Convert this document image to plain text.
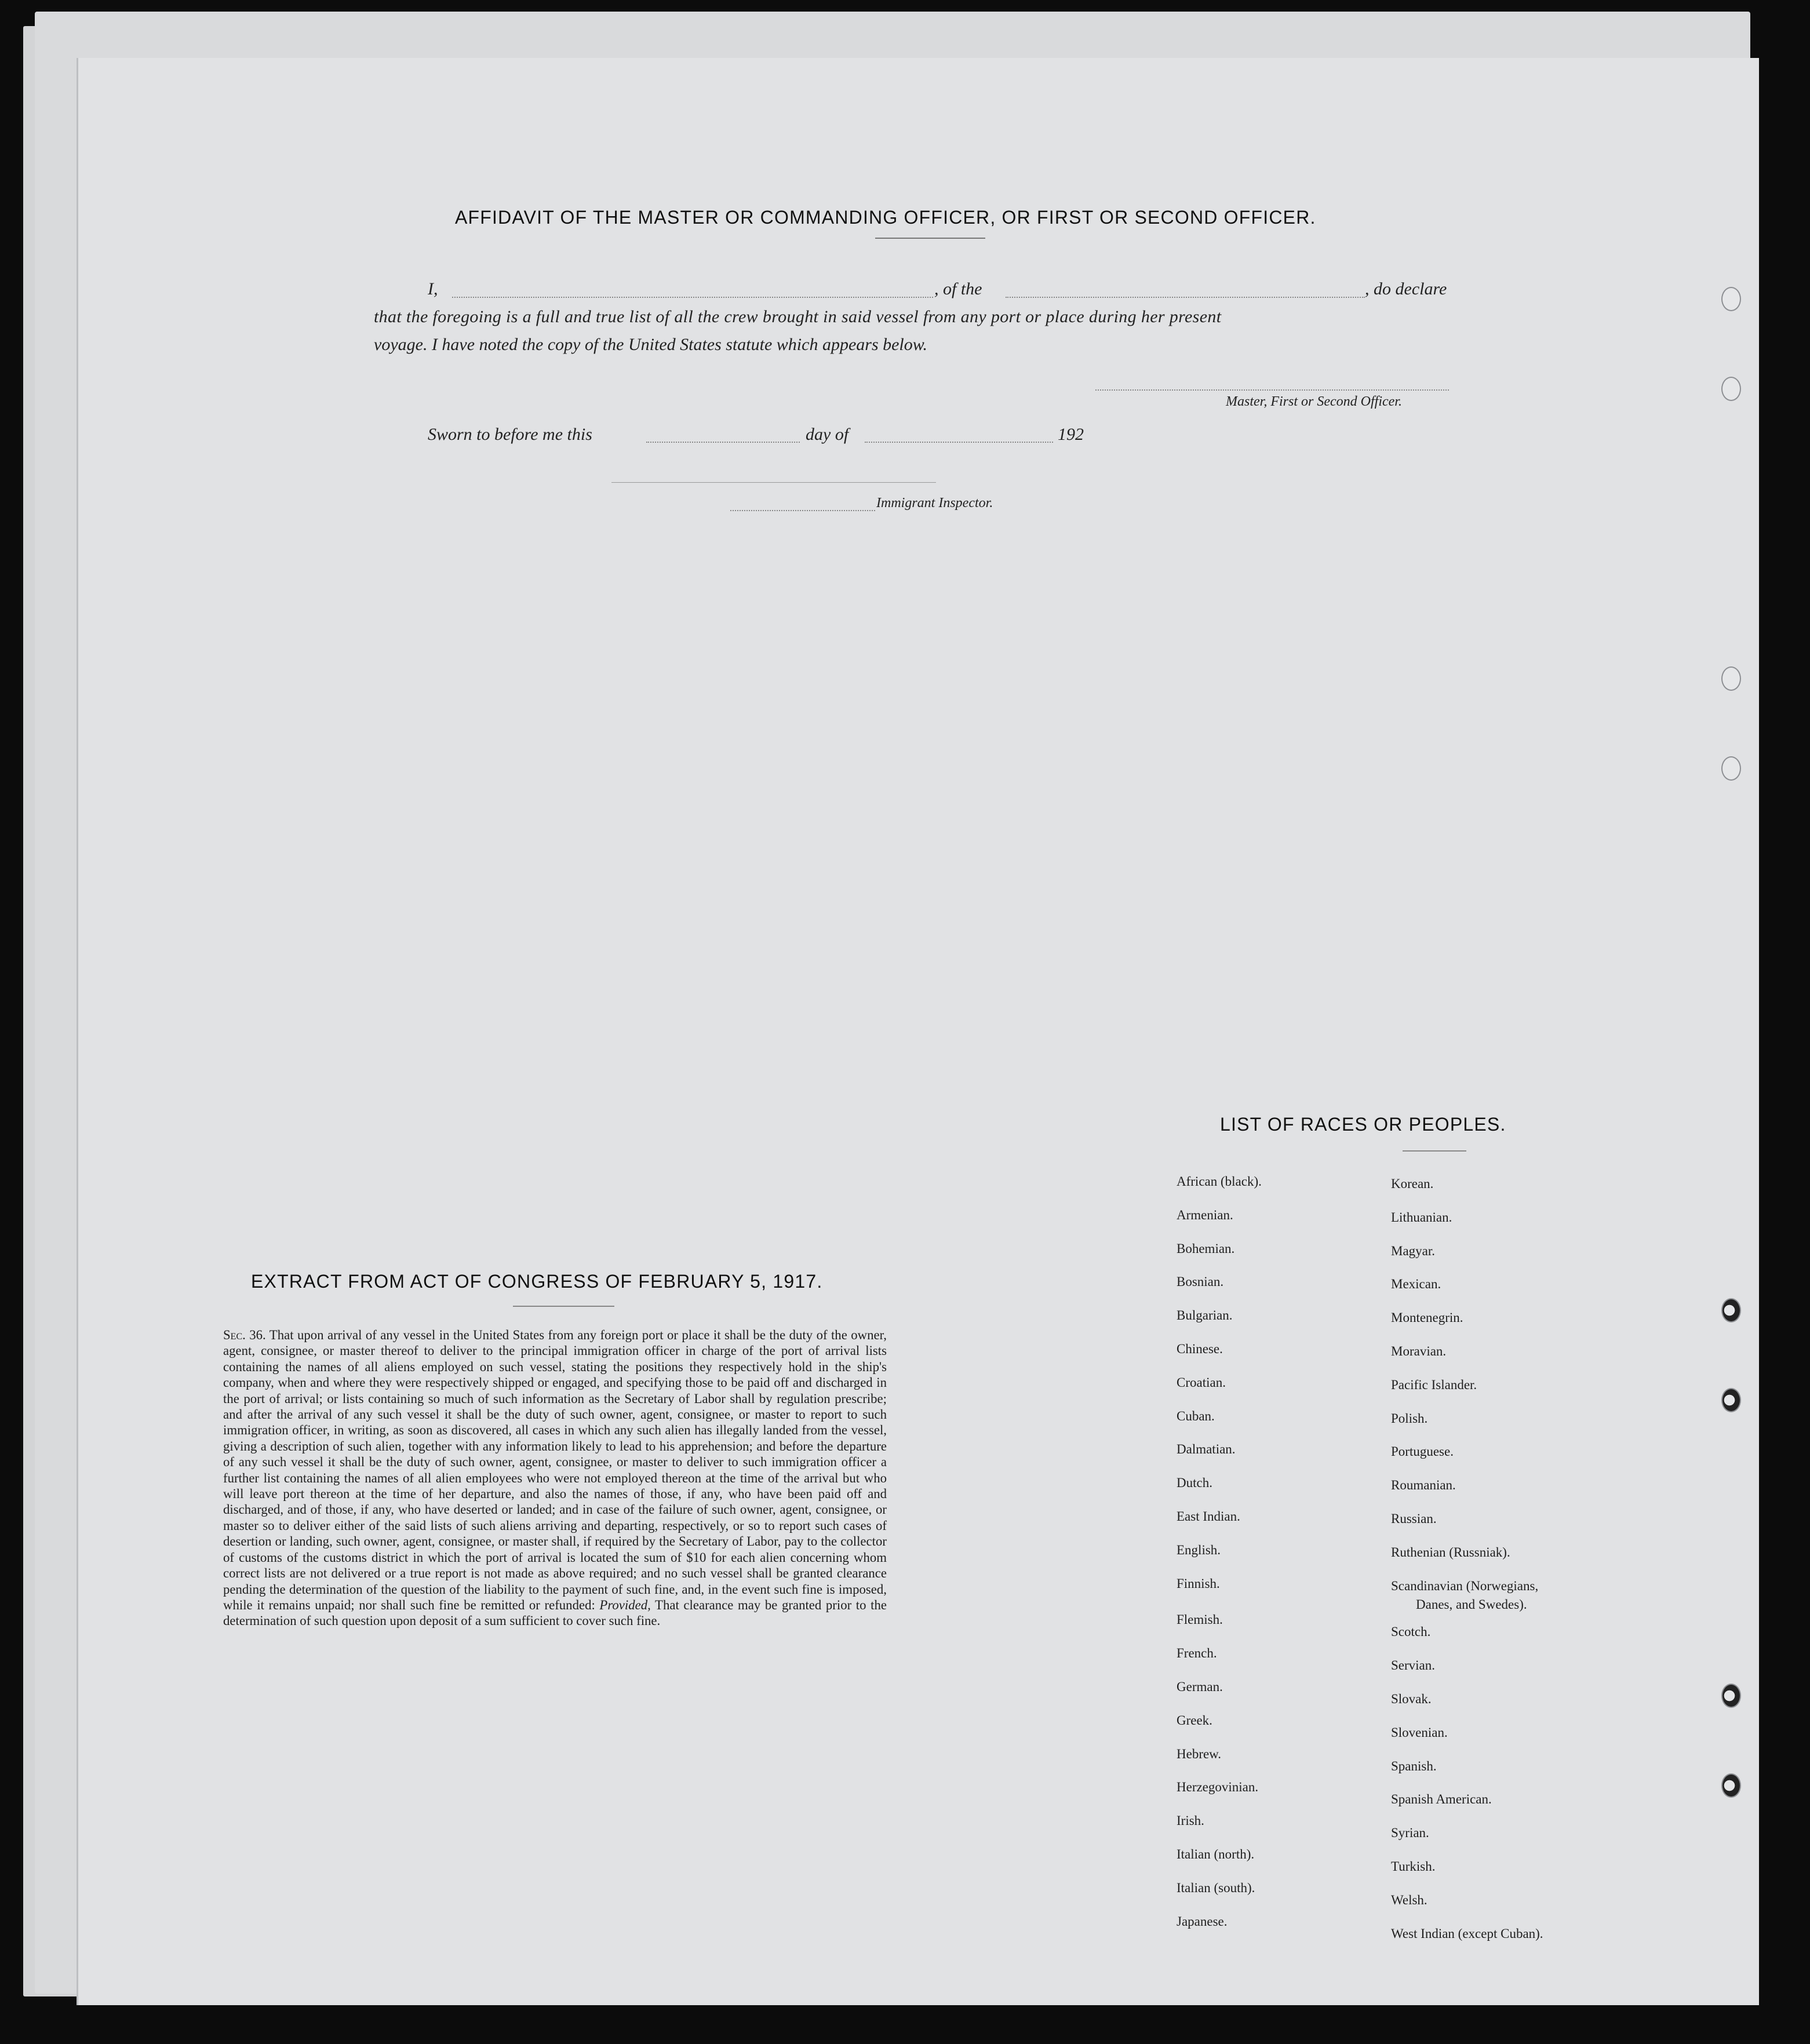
AFFIDAVIT OF THE MASTER OR COMMANDING OFFICER, OR FIRST OR SECOND OFFICER.
I,	, of the	, do declare
that the foregoing is a full and true list of all the crew brought in said vessel from any port or place during her present
voyage. I have noted the copy of the United States statute which appears below.
Master, First or Second Officer.
Sworn to before me this	day of	192
Immigrant Inspector.
EXTRACT FROM ACT OF CONGRESS OF FEBRUARY 5, 1917.
Sec. 36. That upon arrival of any vessel in the United States from any foreign port or place it shall be the duty of the owner, agent, consignee, or master thereof to deliver to the principal immigration officer in charge of the port of arrival lists containing the names of all aliens employed on such vessel, stating the positions they respectively hold in the ship's company, when and where they were respectively shipped or engaged, and specifying those to be paid off and discharged in the port of arrival; or lists containing so much of such information as the Secretary of Labor shall by regulation prescribe; and after the arrival of any such vessel it shall be the duty of such owner, agent, consignee, or master to report to such immigration officer, in writing, as soon as discovered, all cases in which any such alien has illegally landed from the vessel, giving a description of such alien, together with any information likely to lead to his apprehension; and before the departure of any such vessel it shall be the duty of such owner, agent, consignee, or master to deliver to such immigration officer a further list containing the names of all alien employees who were not employed thereon at the time of the arrival but who will leave port thereon at the time of her departure, and also the names of those, if any, who have been paid off and discharged, and of those, if any, who have deserted or landed; and in case of the failure of such owner, agent, consignee, or master so to deliver either of the said lists of such aliens arriving and departing, respectively, or so to report such cases of desertion or landing, such owner, agent, consignee, or master shall, if required by the Secretary of Labor, pay to the collector of customs of the customs district in which the port of arrival is located the sum of $10 for each alien concerning whom correct lists are not delivered or a true report is not made as above required; and no such vessel shall be granted clearance pending the determination of the question of the liability to the payment of such fine, and, in the event such fine is imposed, while it remains unpaid; nor shall such fine be remitted or refunded: Provided, That clearance may be granted prior to the determination of such question upon deposit of a sum sufficient to cover such fine.
LIST OF RACES OR PEOPLES.
African (black).
Armenian.
Bohemian.
Bosnian.
Bulgarian.
Chinese.
Croatian.
Cuban.
Dalmatian.
Dutch.
East Indian.
English.
Finnish.
Flemish.
French.
German.
Greek.
Hebrew.
Herzegovinian.
Irish.
Italian (north).
Italian (south).
Japanese.
Korean.
Lithuanian.
Magyar.
Mexican.
Montenegrin.
Moravian.
Pacific Islander.
Polish.
Portuguese.
Roumanian.
Russian.
Ruthenian (Russniak).
Scandinavian (Norwegians,
Scotch.
Servian.
Slovak.
Slovenian.
Spanish.
Spanish American.
Syrian.
Turkish.
Welsh.
West Indian (except Cuban).
Danes, and Swedes).
